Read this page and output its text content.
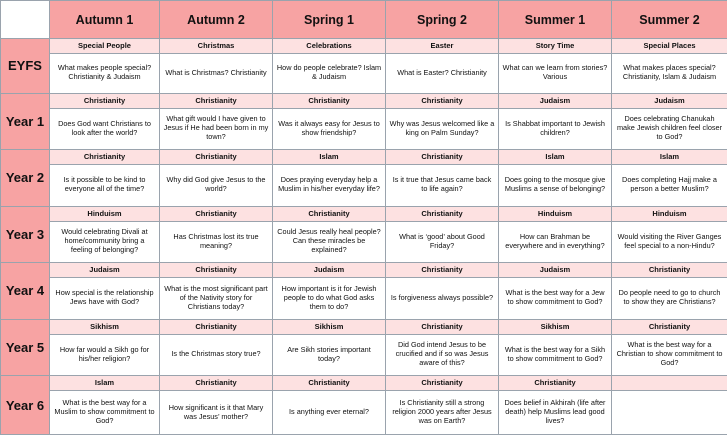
	Autumn 1	Autumn 2	Spring 1	Spring 2	Summer 1	Summer 2
EYFS	Special People	Christmas	Celebrations	Easter	Story Time	Special Places
	What makes people special? Christianity & Judaism	What is Christmas? Christianity	How do people celebrate? Islam & Judaism	What is Easter? Christianity	What can we learn from stories? Various	What makes places special? Christianity, Islam & Judaism
Year 1	Christianity	Christianity	Christianity	Christianity	Judaism	Judaism
	Does God want Christians to look after the world?	What gift would I have given to Jesus if He had been born in my town?	Was it always easy for Jesus to show friendship?	Why was Jesus welcomed like a king on Palm Sunday?	Is Shabbat important to Jewish children?	Does celebrating Chanukah make Jewish children feel closer to God?
Year 2	Christianity	Christianity	Islam	Christianity	Islam	Islam
	Is it possible to be kind to everyone all of the time?	Why did God give Jesus to the world?	Does praying everyday help a Muslim in his/her everyday life?	Is it true that Jesus came back to life again?	Does going to the mosque give Muslims a sense of belonging?	Does completing Hajj make a person a better Muslim?
Year 3	Hinduism	Christianity	Christianity	Christianity	Hinduism	Hinduism
	Would celebrating Divali at home/community bring a feeling of belonging?	Has Christmas lost its true meaning?	Could Jesus really heal people? Can these miracles be explained?	What is ‘good’ about Good Friday?	How can Brahman be everywhere and in everything?	Would visiting the River Ganges feel special to a non-Hindu?
Year 4	Judaism	Christianity	Judaism	Christianity	Judaism	Christianity
	How special is the relationship Jews have with God?	What is the most significant part of the Nativity story for Christians today?	How important is it for Jewish people to do what God asks them to do?	Is forgiveness always possible?	What is the best way for a Jew to show commitment to God?	Do people need to go to church to show they are Christians?
Year 5	Sikhism	Christianity	Sikhism	Christianity	Sikhism	Christianity
	How far would a Sikh go for his/her religion?	Is the Christmas story true?	Are Sikh stories important today?	Did God intend Jesus to be crucified and if so was Jesus aware of this?	What is the best way for a Sikh to show commitment to God?	What is the best way for a Christian to show commitment to God?
Year 6	Islam	Christianity	Christianity	Christianity	Christianity	
	What is the best way for a Muslim to show commitment to God?	How significant is it that Mary was Jesus’ mother?	Is anything ever eternal?	Is Christianity still a strong religion 2000 years after Jesus was on Earth?	Does belief in Akhirah (life after death) help Muslims lead good lives?	
